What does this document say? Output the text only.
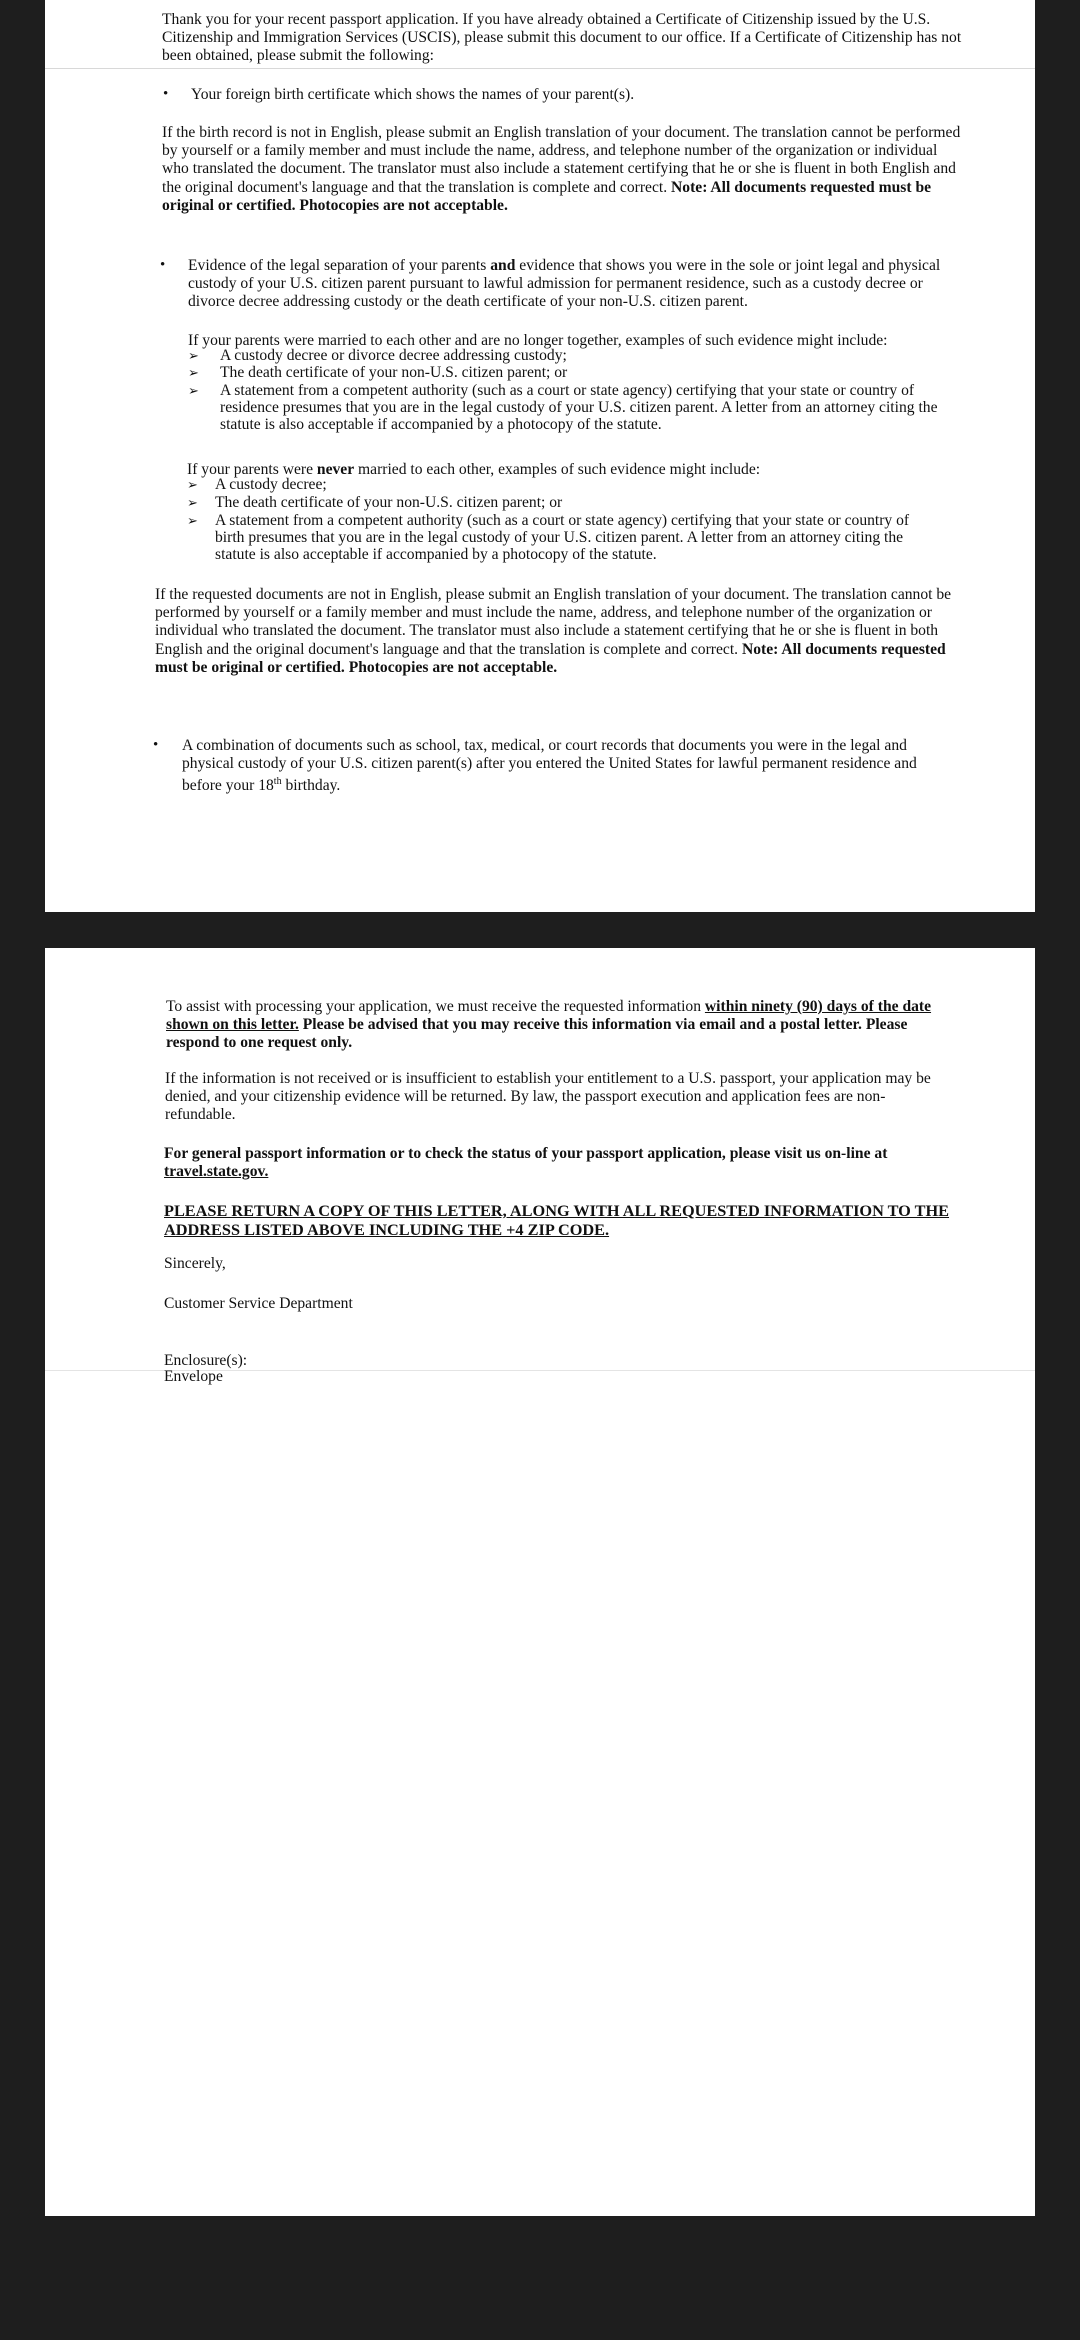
Thank you for your recent passport application. If you have already obtained a Certificate of Citizenship issued by the U.S. Citizenship and Immigration Services (USCIS), please submit this document to our office. If a Certificate of Citizenship has not been obtained, please submit the following:

• Your foreign birth certificate which shows the names of your parent(s).

If the birth record is not in English, please submit an English translation of your document. The translation cannot be performed by yourself or a family member and must include the name, address, and telephone number of the organization or individual who translated the document. The translator must also include a statement certifying that he or she is fluent in both English and the original document's language and that the translation is complete and correct. Note: All documents requested must be original or certified. Photocopies are not acceptable.

• Evidence of the legal separation of your parents and evidence that shows you were in the sole or joint legal and physical custody of your U.S. citizen parent pursuant to lawful admission for permanent residence, such as a custody decree or divorce decree addressing custody or the death certificate of your non-U.S. citizen parent.

If your parents were married to each other and are no longer together, examples of such evidence might include:

➢ A custody decree or divorce decree addressing custody;
➢ The death certificate of your non-U.S. citizen parent; or
➢	A statement from a competent authority (such as a court or state agency) certifying that your state or country of residence presumes that you are in the legal custody of your U.S. citizen parent. A letter from an attorney citing the statute is also acceptable if accompanied by a photocopy of the statute.

If your parents were never married to each other, examples of such evidence might include:

➢ A custody decree;
➢ The death certificate of your non-U.S. citizen parent; or
➢ A statement from a competent authority (such as a court or state agency) certifying that your state or country of birth presumes that you are in the legal custody of your U.S. citizen parent. A letter from an attorney citing the statute is also acceptable if accompanied by a photocopy of the statute.

If the requested documents are not in English, please submit an English translation of your document. The translation cannot be performed by yourself or a family member and must include the name, address, and telephone number of the organization or individual who translated the document. The translator must also include a statement certifying that he or she is fluent in both English and the original document's language and that the translation is complete and correct. Note: All documents requested must be original or certified. Photocopies are not acceptable.

• A combination of documents such as school, tax, medical, or court records that documents you were in the legal and physical custody of your U.S. citizen parent(s) after you entered the United States for lawful permanent residence and before your 18th birthday.

To assist with processing your application, we must receive the requested information within ninety (90) days of the date shown on this letter. Please be advised that you may receive this information via email and a postal letter. Please respond to one request only.

If the information is not received or is insufficient to establish your entitlement to a U.S. passport, your application may be denied, and your citizenship evidence will be returned. By law, the passport execution and application fees are non-refundable.

For general passport information or to check the status of your passport application, please visit us on-line at travel.state.gov.

PLEASE RETURN A COPY OF THIS LETTER, ALONG WITH ALL REQUESTED INFORMATION TO THE ADDRESS LISTED ABOVE INCLUDING THE +4 ZIP CODE.

Sincerely,

Customer Service Department

Enclosure(s):

Envelope
